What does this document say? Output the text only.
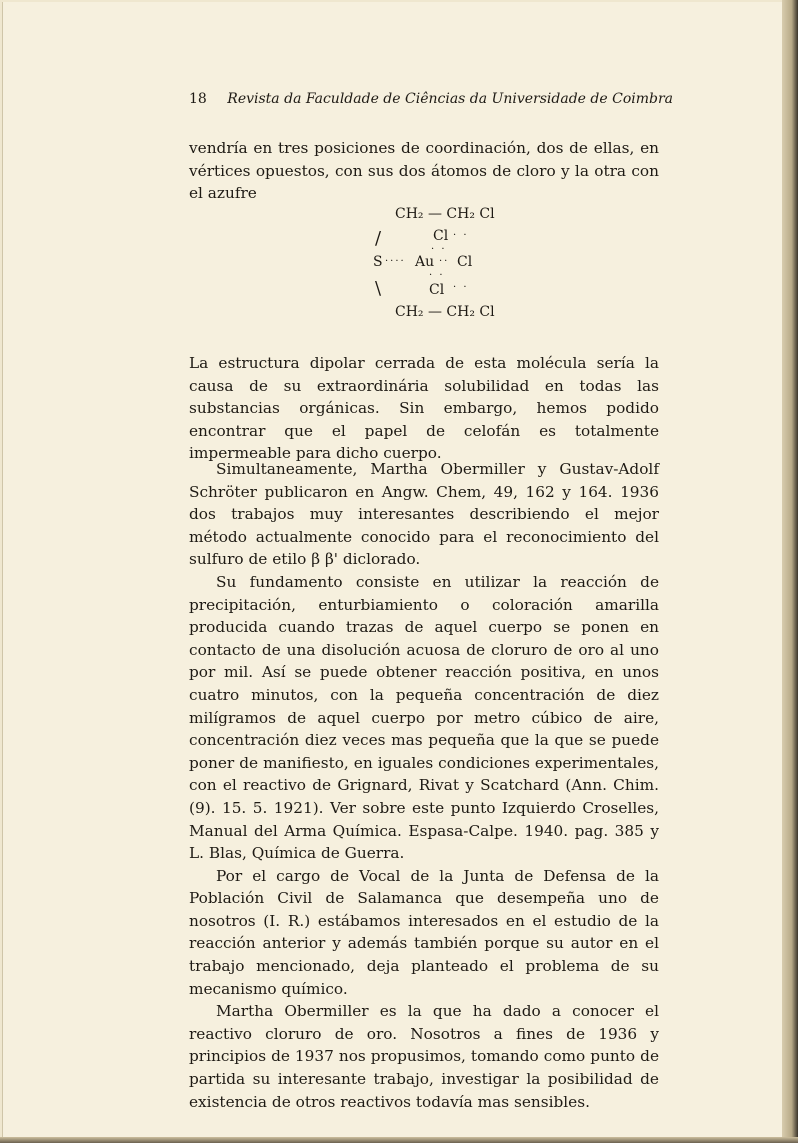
18 Revista da Faculdade de Ciências da Universidade de Coimbra

vendría en tres posiciones de coordinación, dos de ellas, en vértices opuestos, con sus dos átomos de cloro y la otra con el azufre

CH₂ — CH₂ Cl
/	Cl · ·
· ·
S ···· Au ·· Cl
· ·
\	Cl · ·
CH₂ — CH₂ Cl

La estructura dipolar cerrada de esta molécula sería la causa de su extraordinária solubilidad en todas las substancias orgánicas. Sin embargo, hemos podido encontrar que el papel de celofán es totalmente impermeable para dicho cuerpo.

Simultaneamente, Martha Obermiller y Gustav-Adolf Schröter publicaron en Angw. Chem, 49, 162 y 164. 1936 dos trabajos muy interesantes describiendo el mejor método actualmente conocido para el reconocimiento del sulfuro de etilo β β' diclorado.

Su fundamento consiste en utilizar la reacción de precipitación, enturbiamiento o coloración amarilla producida cuando trazas de aquel cuerpo se ponen en contacto de una disolución acuosa de cloruro de oro al uno por mil. Así se puede obtener reacción positiva, en unos cuatro minutos, con la pequeña concentración de diez milígramos de aquel cuerpo por metro cúbico de aire, concentración diez veces mas pequeña que la que se puede poner de manifiesto, en iguales condiciones experimentales, con el reactivo de Grignard, Rivat y Scatchard (Ann. Chim. (9). 15. 5. 1921). Ver sobre este punto Izquierdo Croselles, Manual del Arma Química. Espasa-Calpe. 1940. pag. 385 y L. Blas, Química de Guerra.

Por el cargo de Vocal de la Junta de Defensa de la Población Civil de Salamanca que desempeña uno de nosotros (I. R.) estábamos interesados en el estudio de la reacción anterior y además también porque su autor en el trabajo mencionado, deja planteado el problema de su mecanismo químico.

Martha Obermiller es la que ha dado a conocer el reactivo cloruro de oro. Nosotros a fines de 1936 y principios de 1937 nos propusimos, tomando como punto de partida su interesante trabajo, investigar la posibilidad de existencia de otros reactivos todavía mas sensibles.
